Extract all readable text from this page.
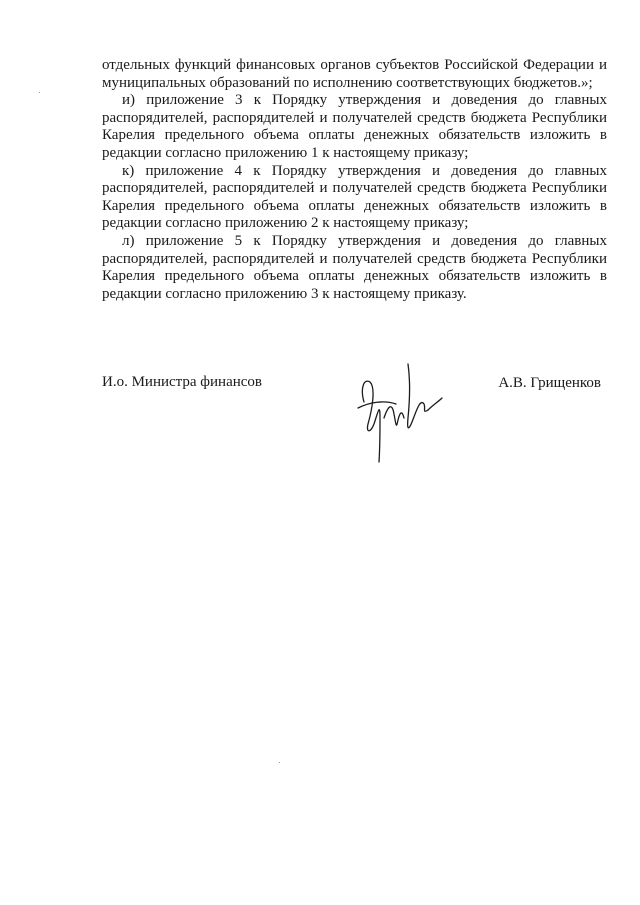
отдельных функций финансовых органов субъектов Российской Федерации и муниципальных образований по исполнению соответствующих бюджетов.»;

и) приложение 3 к Порядку утверждения и доведения до главных распорядителей, распорядителей и получателей средств бюджета Республики Карелия предельного объема оплаты денежных обязательств изложить в редакции согласно приложению 1 к настоящему приказу;

к) приложение 4 к Порядку утверждения и доведения до главных распорядителей, распорядителей и получателей средств бюджета Республики Карелия предельного объема оплаты денежных обязательств изложить в редакции согласно приложению 2 к настоящему приказу;

л) приложение 5 к Порядку утверждения и доведения до главных распорядителей, распорядителей и получателей средств бюджета Республики Карелия предельного объема оплаты денежных обязательств изложить в редакции согласно приложению 3 к настоящему приказу.

И.о. Министра финансов	А.В. Грищенков
